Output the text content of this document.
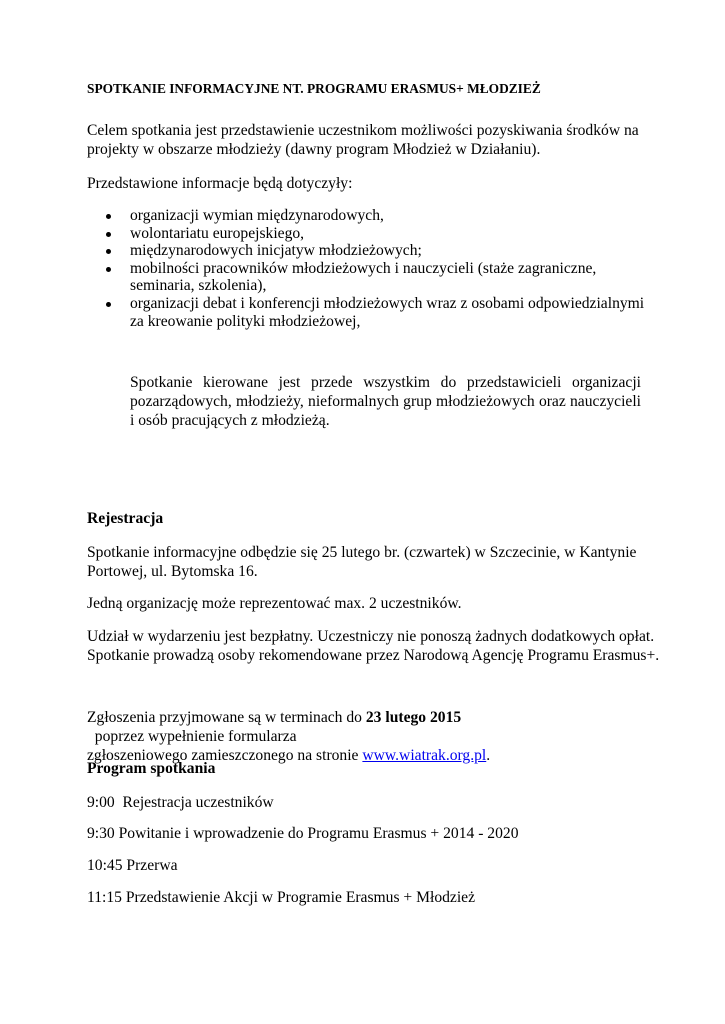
SPOTKANIE INFORMACYJNE NT. PROGRAMU ERASMUS+ MŁODZIEŻ

Celem spotkania jest przedstawienie uczestnikom możliwości pozyskiwania środków na
projekty w obszarze młodzieży (dawny program Młodzież w Działaniu).

Przedstawione informacje będą dotyczyły:

organizacji wymian międzynarodowych,
wolontariatu europejskiego,
międzynarodowych inicjatyw młodzieżowych;
mobilności pracowników młodzieżowych i nauczycieli (staże zagraniczne, seminaria, szkolenia),
organizacji debat i konferencji młodzieżowych wraz z osobami odpowiedzialnymi za kreowanie polityki młodzieżowej,

Spotkanie kierowane jest przede wszystkim do przedstawicieli organizacji pozarządowych, młodzieży, nieformalnych grup młodzieżowych oraz nauczycieli i osób pracujących z młodzieżą.

Rejestracja

Spotkanie informacyjne odbędzie się 25 lutego br. (czwartek) w Szczecinie, w Kantynie
Portowej, ul. Bytomska 16.

Jedną organizację może reprezentować max. 2 uczestników.

Udział w wydarzeniu jest bezpłatny. Uczestniczy nie ponoszą żadnych dodatkowych opłat.
Spotkanie prowadzą osoby rekomendowane przez Narodową Agencję Programu Erasmus+.

Zgłoszenia przyjmowane są w terminach do 23 lutego 2015  poprzez wypełnienie formularza
zgłoszeniowego zamieszczonego na stronie www.wiatrak.org.pl.

Program spotkania

9:00  Rejestracja uczestników

9:30 Powitanie i wprowadzenie do Programu Erasmus + 2014 - 2020

10:45 Przerwa

11:15 Przedstawienie Akcji w Programie Erasmus + Młodzież
